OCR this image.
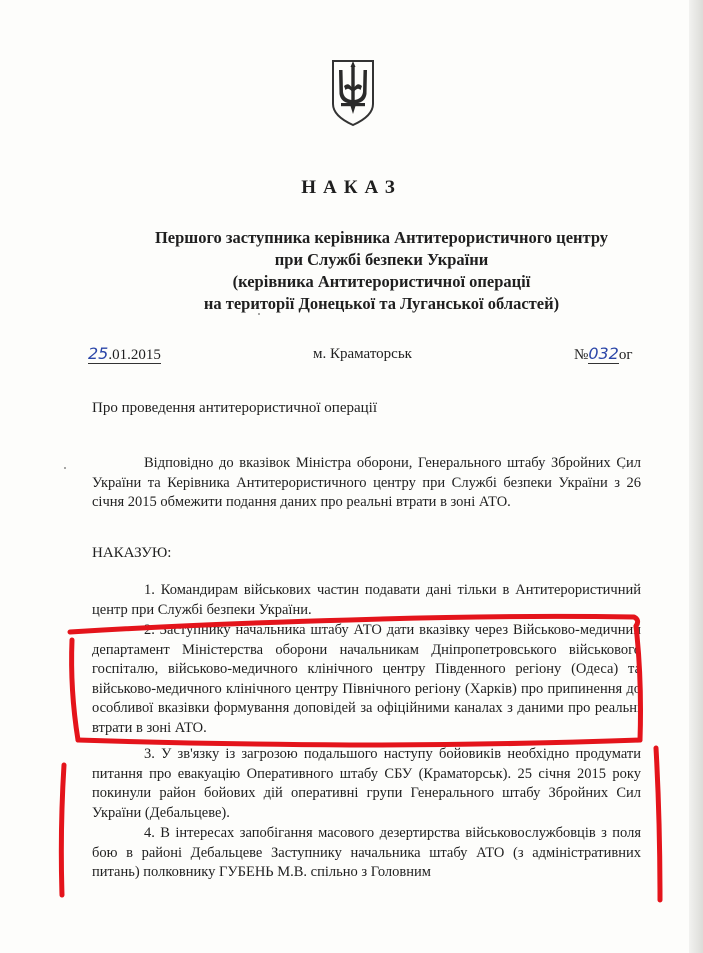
НАКАЗ
Першого заступника керівника Антитерористичного центру
при Службі безпеки України
(керівника Антитерористичної операції
на території Донецької та Луганської областей)
25.01.2015	м. Краматорськ	№032ог
Про проведення антитерористичної операції
Відповідно до вказівок Міністра оборони, Генерального штабу Збройних Сил України та Керівника Антитерористичного центру при Службі безпеки України з 26 січня 2015 обмежити подання даних про реальні втрати в зоні АТО.
НАКАЗУЮ:
1. Командирам військових частин подавати дані тільки в Антитерористичний центр при Службі безпеки України.
2. Заступнику начальника штабу АТО дати вказівку через Військово-медичний департамент Міністерства оборони начальникам Дніпропетровського військового госпіталю, військово-медичного клінічного центру Південного регіону (Одеса) та військово-медичного клінічного центру Північного регіону (Харків) про припинення до особливої вказівки формування доповідей за офіційними каналах з даними про реальні втрати в зоні АТО.
3. У зв'язку із загрозою подальшого наступу бойовиків необхідно продумати питання про евакуацію Оперативного штабу СБУ (Краматорськ). 25 січня 2015 року покинули район бойових дій оперативні групи Генерального штабу Збройних Сил України (Дебальцеве).
4. В інтересах запобігання масового дезертирства військовослужбовців з поля бою в районі Дебальцеве Заступнику начальника штабу АТО (з адміністративних питань) полковнику ГУБЕНЬ М.В. спільно з Головним
